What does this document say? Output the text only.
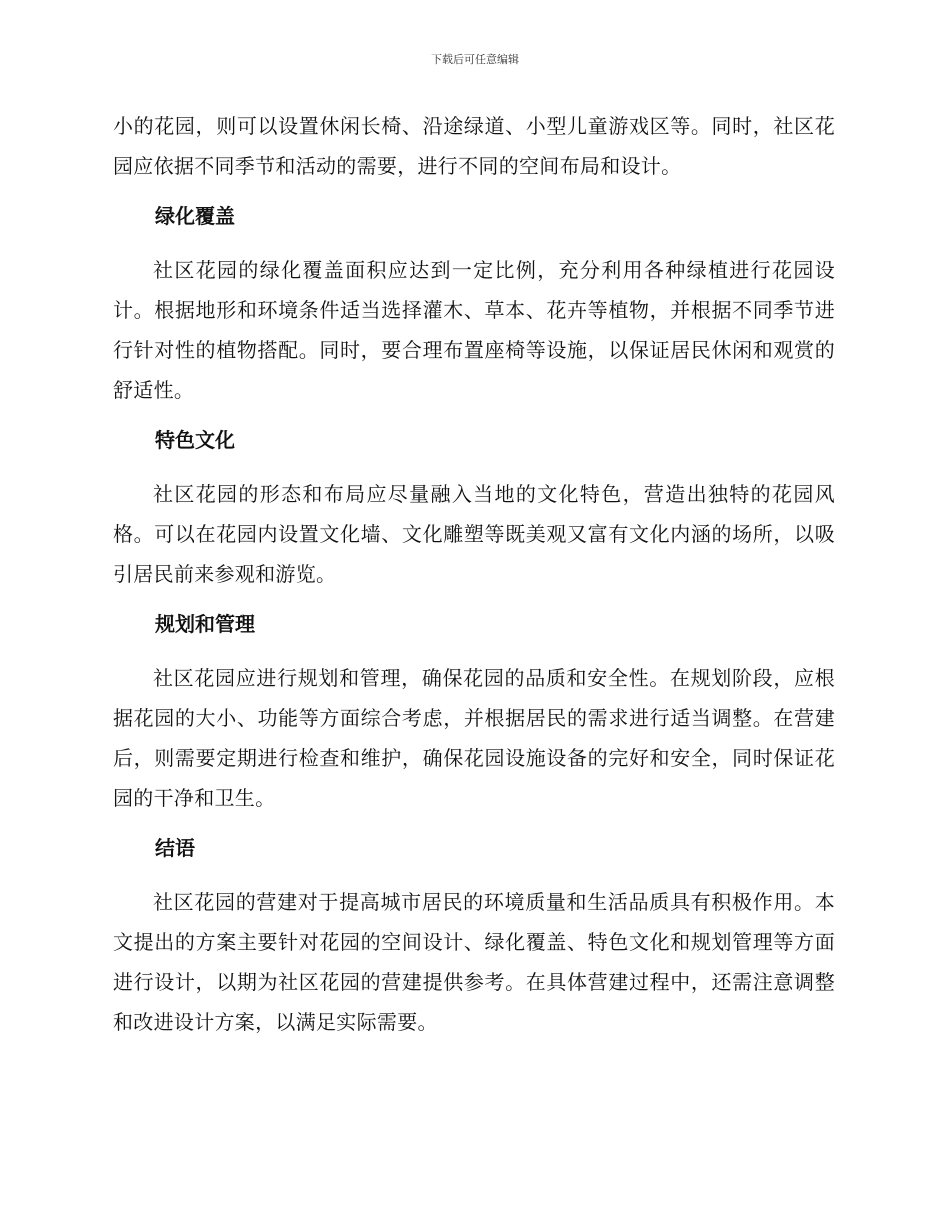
下载后可任意编辑

小的花园，则可以设置休闲长椅、沿途绿道、小型儿童游戏区等。同时，社区花园应依据不同季节和活动的需要，进行不同的空间布局和设计。

绿化覆盖

社区花园的绿化覆盖面积应达到一定比例，充分利用各种绿植进行花园设计。根据地形和环境条件适当选择灌木、草本、花卉等植物，并根据不同季节进行针对性的植物搭配。同时，要合理布置座椅等设施，以保证居民休闲和观赏的舒适性。

特色文化

社区花园的形态和布局应尽量融入当地的文化特色，营造出独特的花园风格。可以在花园内设置文化墙、文化雕塑等既美观又富有文化内涵的场所，以吸引居民前来参观和游览。

规划和管理

社区花园应进行规划和管理，确保花园的品质和安全性。在规划阶段，应根据花园的大小、功能等方面综合考虑，并根据居民的需求进行适当调整。在营建后，则需要定期进行检查和维护，确保花园设施设备的完好和安全，同时保证花园的干净和卫生。

结语

社区花园的营建对于提高城市居民的环境质量和生活品质具有积极作用。本文提出的方案主要针对花园的空间设计、绿化覆盖、特色文化和规划管理等方面进行设计，以期为社区花园的营建提供参考。在具体营建过程中，还需注意调整和改进设计方案，以满足实际需要。
